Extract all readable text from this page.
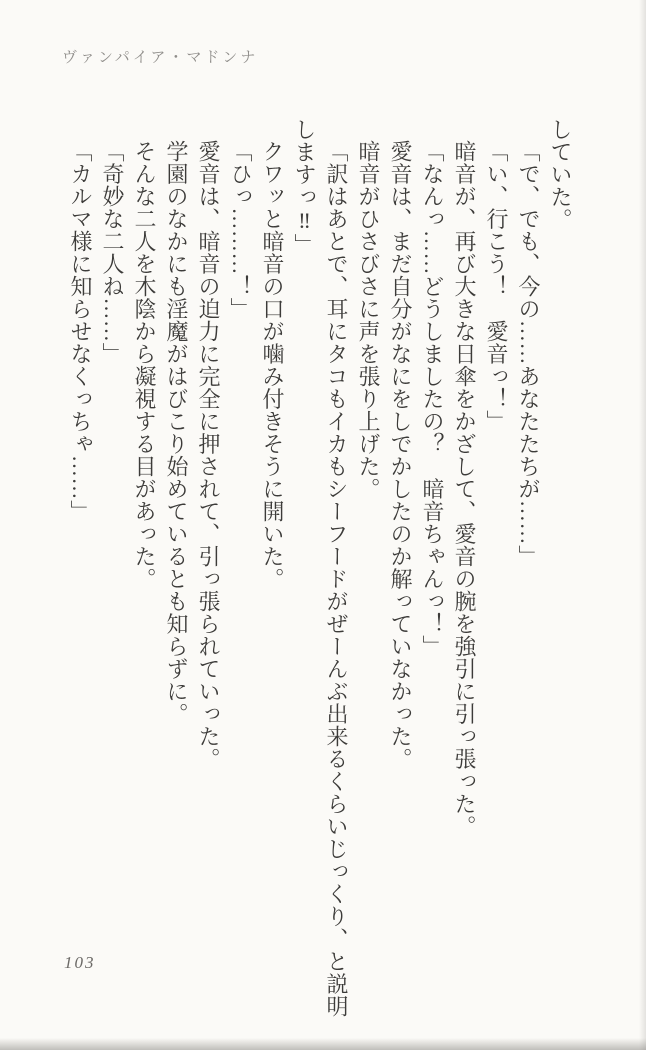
ヴァンパイア・マドンナ
していた。
「で、でも、今の……あなたたちが……」
「い、行こう！　愛音っ！」
暗音が、再び大きな日傘をかざして、愛音の腕を強引に引っ張った。
「なんっ……どうしましたの？　暗音ちゃんっ！」
愛音は、まだ自分がなにをしでかしたのか解っていなかった。
暗音がひさびさに声を張り上げた。
「訳はあとで、耳にタコもイカもシーフードがぜーんぶ出来るくらいじっくり、と説明
しますっ‼」
クワッと暗音の口が噛み付きそうに開いた。
「ひっ………！」
愛音は、暗音の迫力に完全に押されて、引っ張られていった。
学園のなかにも淫魔がはびこり始めているとも知らずに。
そんな二人を木陰から凝視する目があった。
「奇妙な二人ね……」
「カルマ様に知らせなくっちゃ……」
103
